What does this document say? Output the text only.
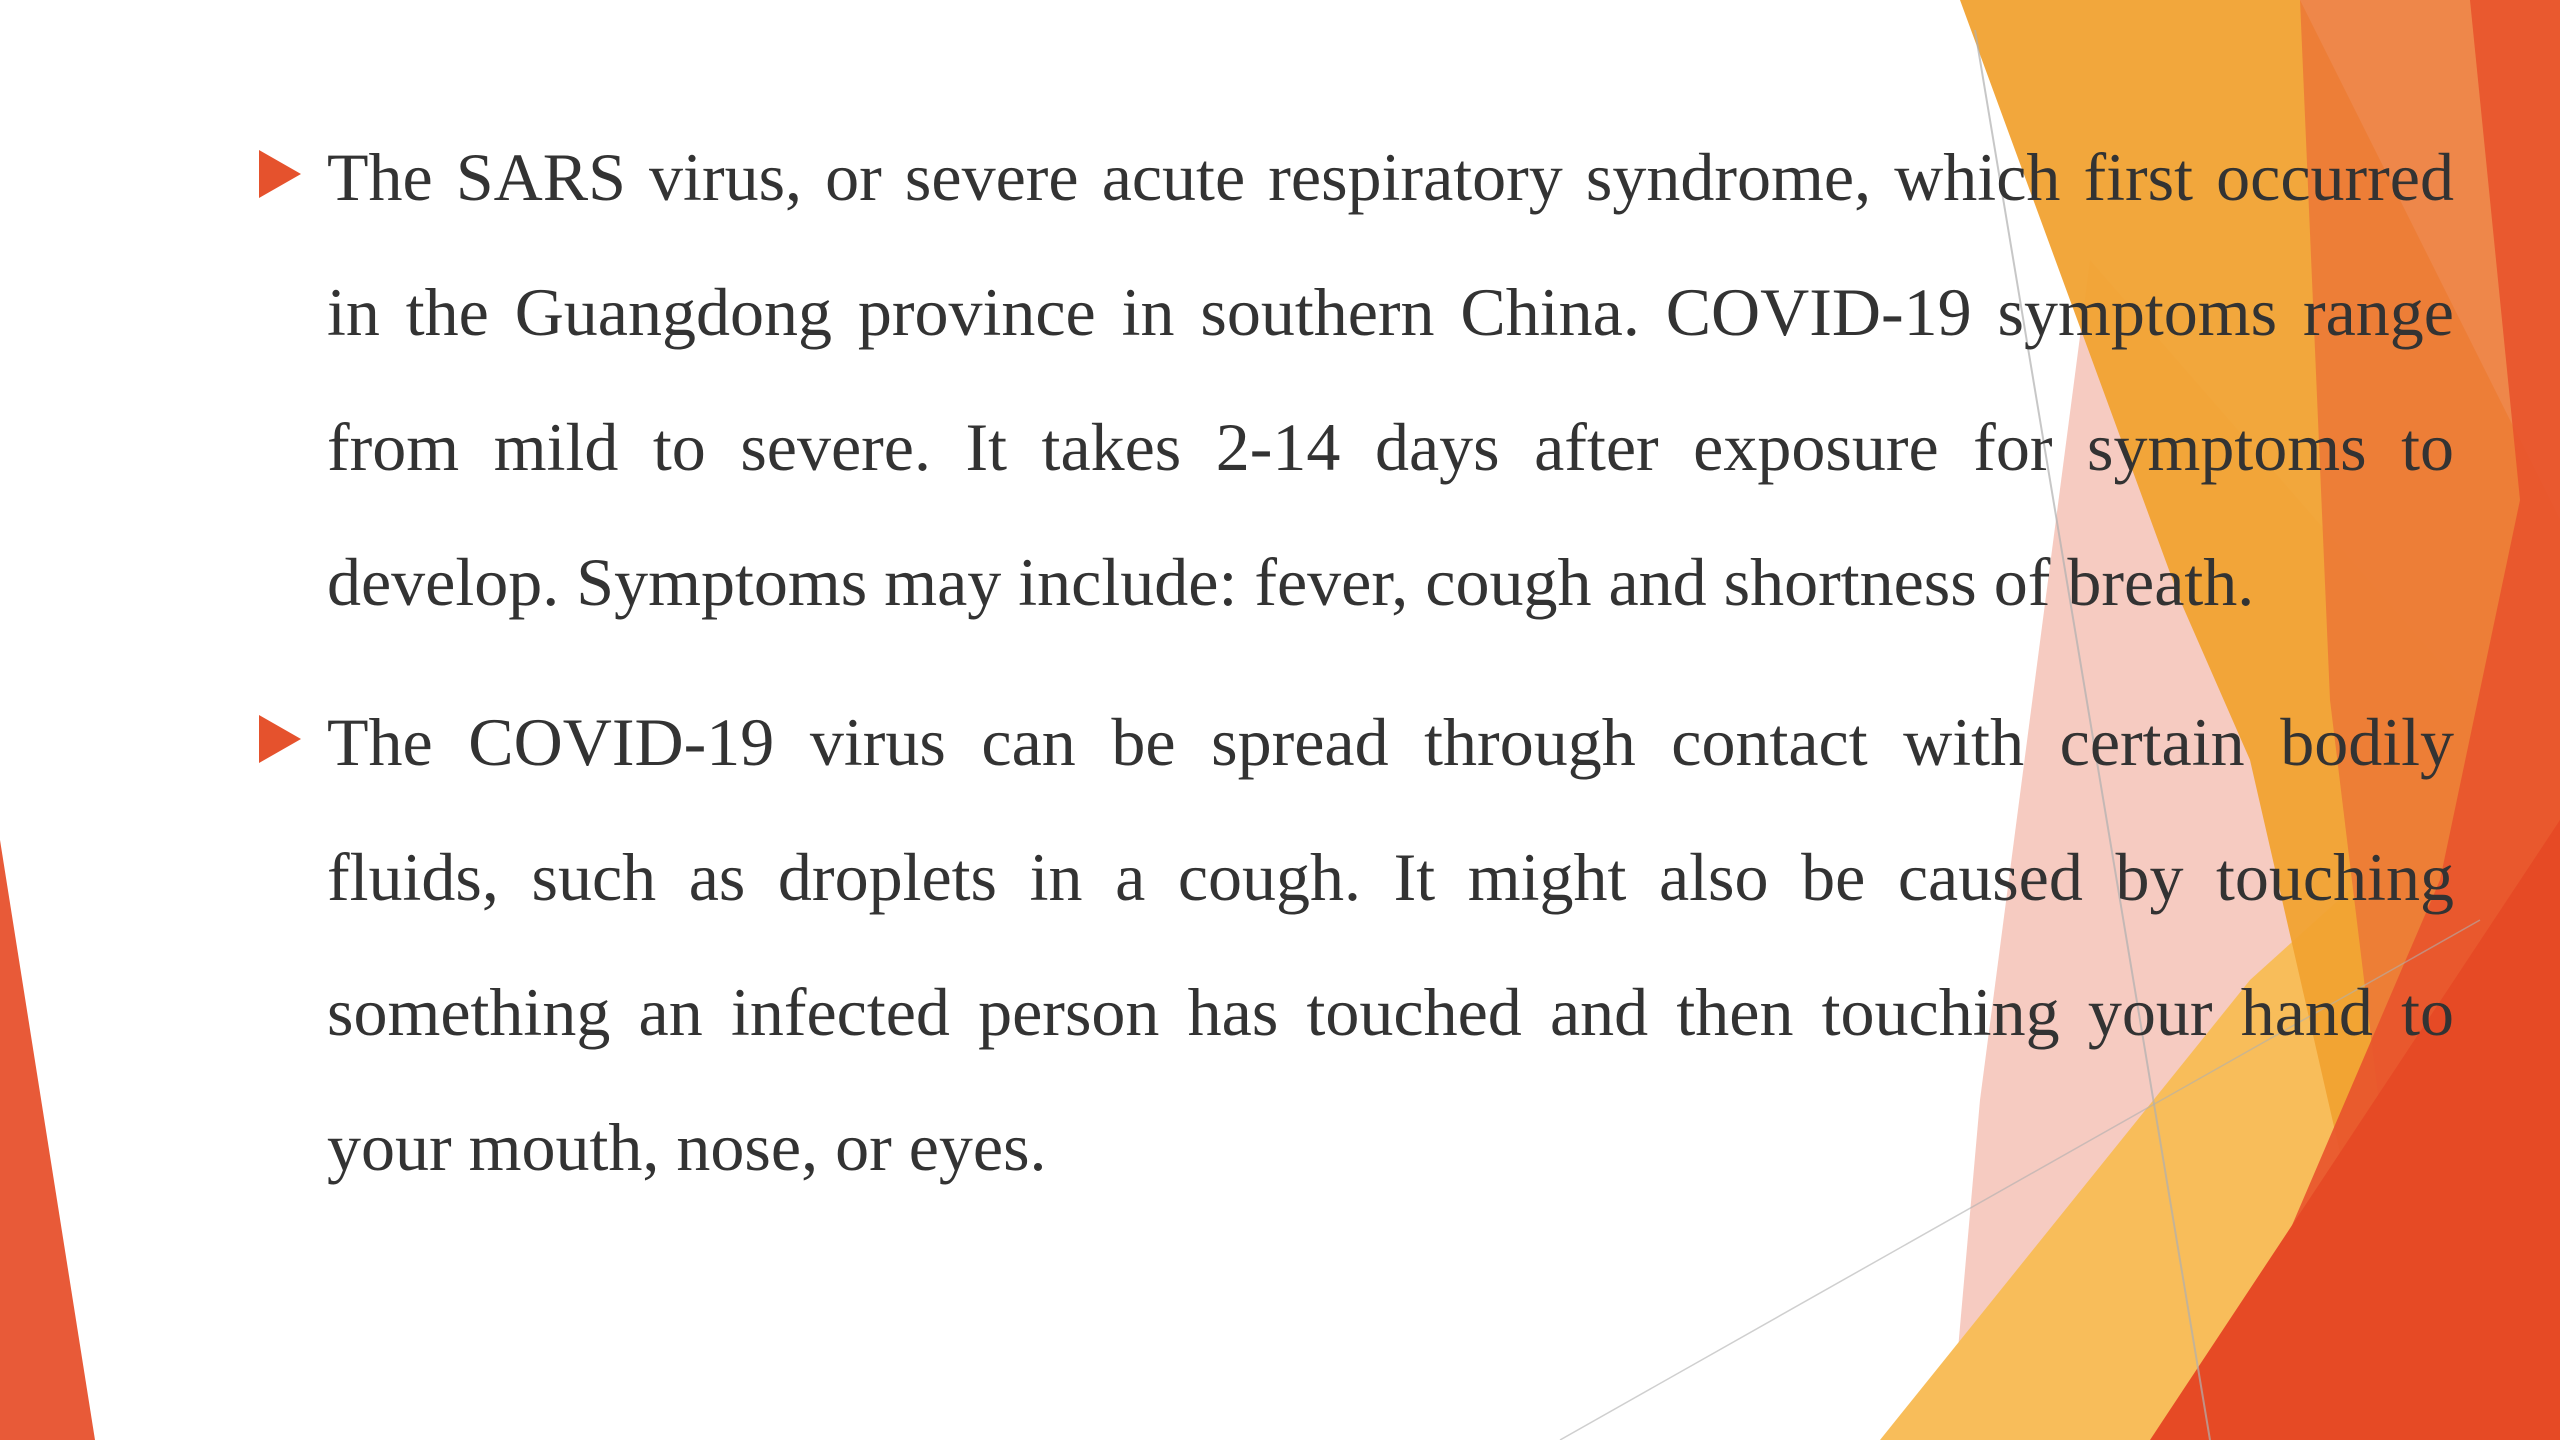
The SARS virus, or severe acute respiratory syndrome, which first occurred in the Guangdong province in southern China. COVID-19 symptoms range from mild to severe. It takes 2-14 days after exposure for symptoms to develop. Symptoms may include: fever, cough and shortness of breath.
The COVID-19 virus can be spread through contact with certain bodily fluids, such as droplets in a cough. It might also be caused by touching something an infected person has touched and then touching your hand to your mouth, nose, or eyes.
